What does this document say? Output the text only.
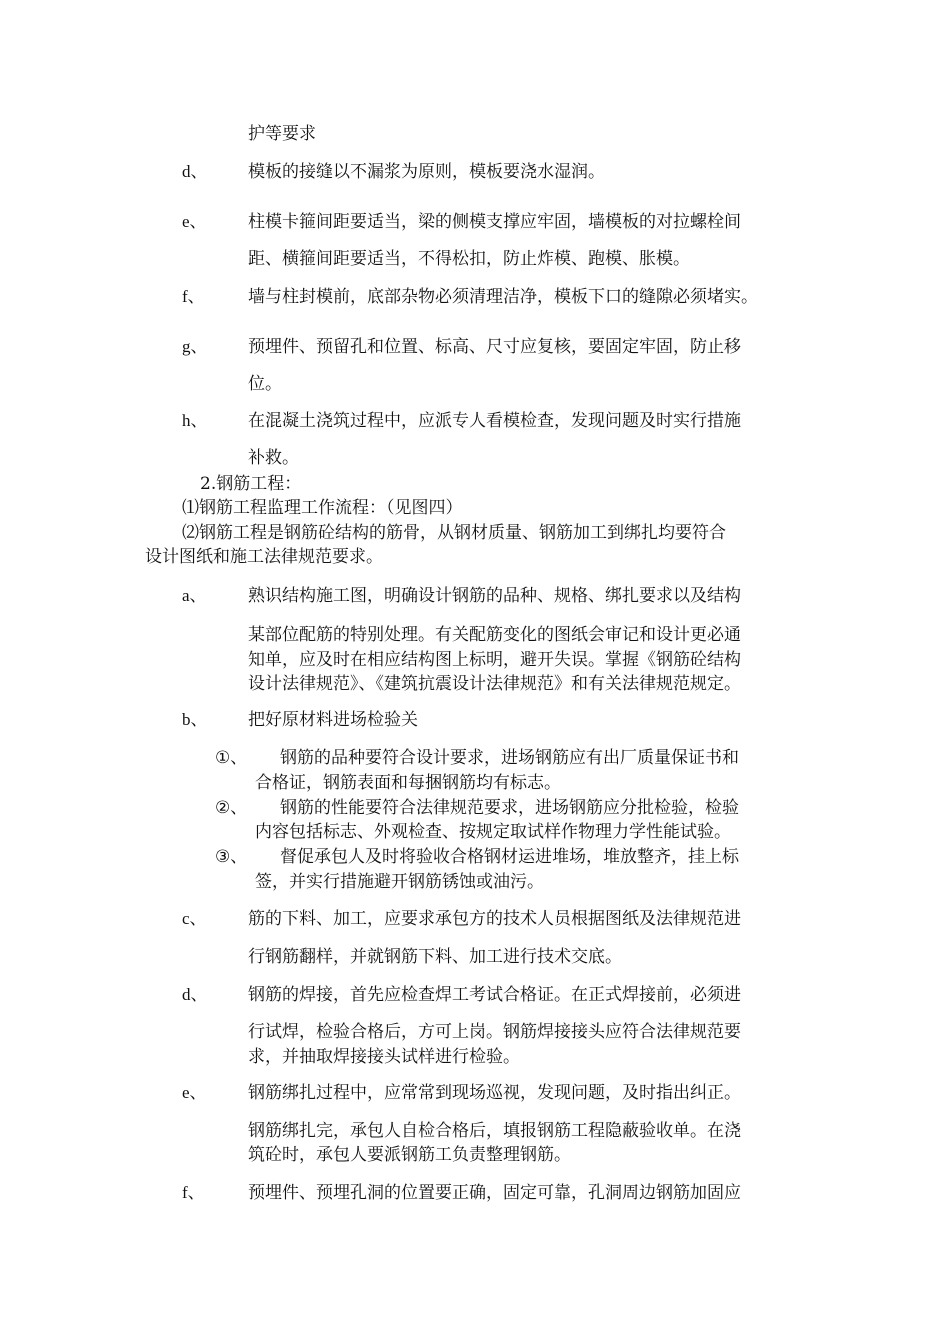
护等要求
d、 模板的接缝以不漏浆为原则，模板要浇水湿润。
e、 柱模卡箍间距要适当，梁的侧模支撑应牢固，墙模板的对拉螺栓间
距、横箍间距要适当，不得松扣，防止炸模、跑模、胀模。
f、	墙与柱封模前，底部杂物必须清理洁净，模板下口的缝隙必须堵实。
g、 预埋件、预留孔和位置、标高、尺寸应复核，要固定牢固，防止移
位。
h、 在混凝土浇筑过程中，应派专人看模检查，发现问题及时实行措施
补救。
2.钢筋工程：
⑴钢筋工程监理工作流程：（见图四）
⑵钢筋工程是钢筋砼结构的筋骨，从钢材质量、钢筋加工到绑扎均要符合
设计图纸和施工法律规范要求。
a、 熟识结构施工图，明确设计钢筋的品种、规格、绑扎要求以及结构
某部位配筋的特别处理。有关配筋变化的图纸会审记和设计更必通
知单，应及时在相应结构图上标明，避开失误。掌握《钢筋砼结构
设计法律规范》、《建筑抗震设计法律规范》和有关法律规范规定。
b、 把好原材料进场检验关
①、 钢筋的品种要符合设计要求，进场钢筋应有出厂质量保证书和
合格证，钢筋表面和每捆钢筋均有标志。
②、 钢筋的性能要符合法律规范要求，进场钢筋应分批检验，检验
内容包括标志、外观检查、按规定取试样作物理力学性能试验。
③、 督促承包人及时将验收合格钢材运进堆场，堆放整齐，挂上标
签，并实行措施避开钢筋锈蚀或油污。
c、 筋的下料、加工，应要求承包方的技术人员根据图纸及法律规范进
行钢筋翻样，并就钢筋下料、加工进行技术交底。
d、 钢筋的焊接，首先应检查焊工考试合格证。在正式焊接前，必须进
行试焊，检验合格后，方可上岗。钢筋焊接接头应符合法律规范要
求，并抽取焊接接头试样进行检验。
e、 钢筋绑扎过程中，应常常到现场巡视，发现问题，及时指出纠正。
钢筋绑扎完，承包人自检合格后，填报钢筋工程隐蔽验收单。在浇
筑砼时，承包人要派钢筋工负责整理钢筋。
f、	预埋件、预埋孔洞的位置要正确，固定可靠，孔洞周边钢筋加固应
